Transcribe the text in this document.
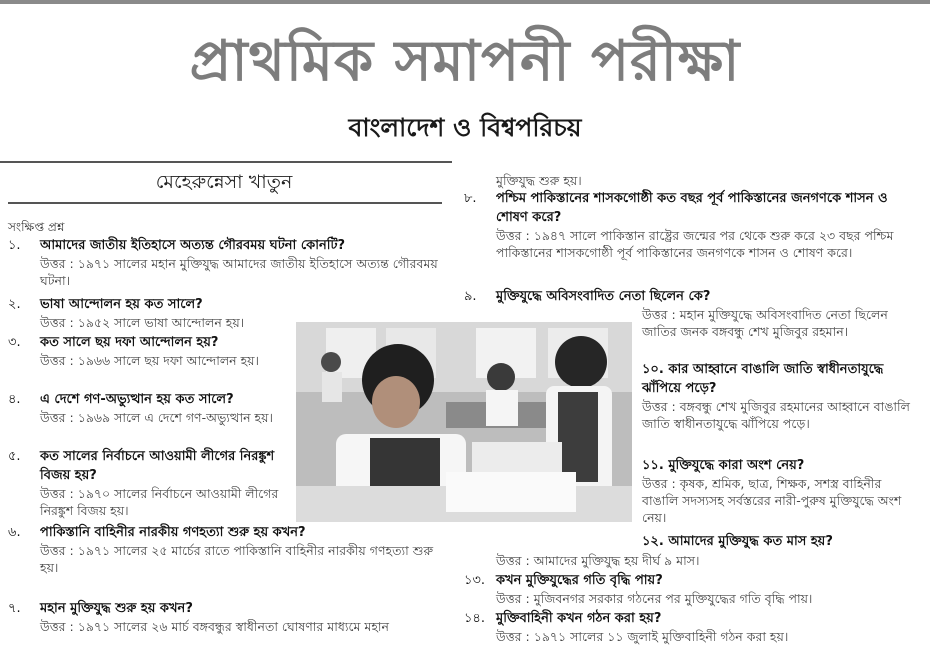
প্রাথমিক সমাপনী পরীক্ষা
বাংলাদেশ ও বিশ্বপরিচয়
মেহেরুন্নেসা খাতুন
সংক্ষিপ্ত প্রশ্ন
১.	আমাদের জাতীয় ইতিহাসে অত্যন্ত গৌরবময় ঘটনা কোনটি?
উত্তর : ১৯৭১ সালের মহান মুক্তিযুদ্ধ আমাদের জাতীয় ইতিহাসে অত্যন্ত গৌরবময় ঘটনা।
২.	ভাষা আন্দোলন হয় কত সালে?
উত্তর : ১৯৫২ সালে ভাষা আন্দোলন হয়।
৩.	কত সালে ছয় দফা আন্দোলন হয়?
উত্তর : ১৯৬৬ সালে ছয় দফা আন্দোলন হয়।
৪.	এ দেশে গণ-অভ্যুত্থান হয় কত সালে?
উত্তর : ১৯৬৯ সালে এ দেশে গণ-অভ্যুত্থান হয়।
৫.	কত সালের নির্বাচনে আওয়ামী লীগের নিরঙ্কুশ বিজয় হয়?
উত্তর : ১৯৭০ সালের নির্বাচনে আওয়ামী লীগের নিরঙ্কুশ বিজয় হয়।
৬.	পাকিস্তানি বাহিনীর নারকীয় গণহত্যা শুরু হয় কখন?
উত্তর : ১৯৭১ সালের ২৫ মার্চের রাতে পাকিস্তানি বাহিনীর নারকীয় গণহত্যা শুরু হয়।
৭.	মহান মুক্তিযুদ্ধ শুরু হয় কখন?
উত্তর : ১৯৭১ সালের ২৬ মার্চ বঙ্গবন্ধুর স্বাধীনতা ঘোষণার মাধ্যমে মহান
মুক্তিযুদ্ধ শুরু হয়।
৮.	পশ্চিম পাকিস্তানের শাসকগোষ্ঠী কত বছর পূর্ব পাকিস্তানের জনগণকে শাসন ও শোষণ করে?
উত্তর : ১৯৪৭ সালে পাকিস্তান রাষ্ট্রের জন্মের পর থেকে শুরু করে ২৩ বছর পশ্চিম পাকিস্তানের শাসকগোষ্ঠী পূর্ব পাকিস্তানের জনগণকে শাসন ও শোষণ করে।
৯.	মুক্তিযুদ্ধে অবিসংবাদিত নেতা ছিলেন কে?
উত্তর : মহান মুক্তিযুদ্ধে অবিসংবাদিত নেতা ছিলেন জাতির জনক বঙ্গবন্ধু শেখ মুজিবুর রহমান।
১০. কার আহ্বানে বাঙালি জাতি স্বাধীনতাযুদ্ধে ঝাঁপিয়ে পড়ে?
উত্তর : বঙ্গবন্ধু শেখ মুজিবুর রহমানের আহ্বানে বাঙালি জাতি স্বাধীনতাযুদ্ধে ঝাঁপিয়ে পড়ে।
১১. মুক্তিযুদ্ধে কারা অংশ নেয়?
উত্তর : কৃষক, শ্রমিক, ছাত্র, শিক্ষক, সশস্ত্র বাহিনীর বাঙালি সদস্যসহ সর্বস্তরের নারী-পুরুষ মুক্তিযুদ্ধে অংশ নেয়।
১২. আমাদের মুক্তিযুদ্ধ কত মাস হয়?
উত্তর : আমাদের মুক্তিযুদ্ধ হয় দীর্ঘ ৯ মাস।
১৩. কখন মুক্তিযুদ্ধের গতি বৃদ্ধি পায়?
উত্তর : মুজিবনগর সরকার গঠনের পর মুক্তিযুদ্ধের গতি বৃদ্ধি পায়।
১৪. মুক্তিবাহিনী কখন গঠন করা হয়?
উত্তর : ১৯৭১ সালের ১১ জুলাই মুক্তিবাহিনী গঠন করা হয়।
